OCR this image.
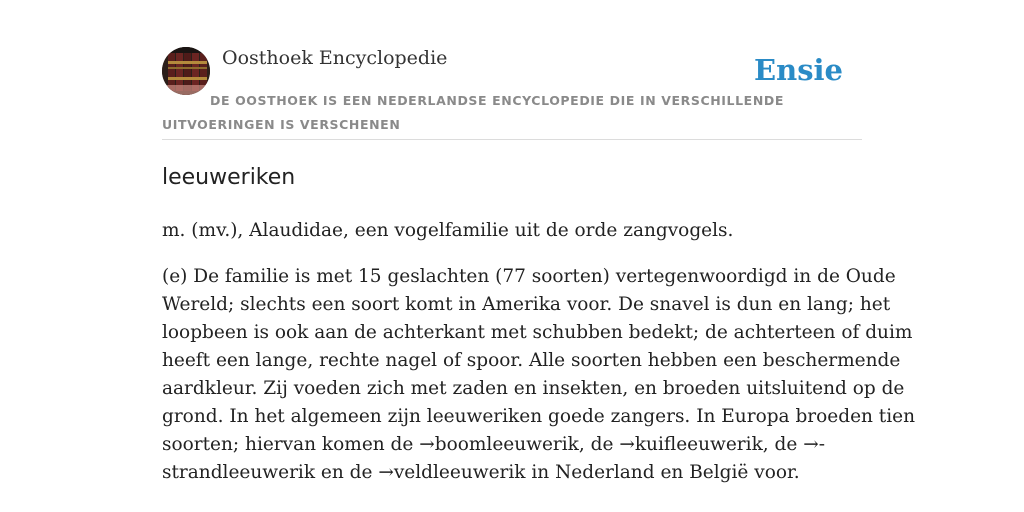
Oosthoek Encyclopedie	Ensie
DE OOSTHOEK IS EEN NEDERLANDSE ENCYCLOPEDIE DIE IN VERSCHILLENDE UITVOERINGEN IS VERSCHENEN
leeuweriken

m. (mv.), Alaudidae, een vogelfamilie uit de orde zangvogels.

(e) De familie is met 15 geslachten (77 soorten) vertegenwoordigd in de Oude
Wereld; slechts een soort komt in Amerika voor. De snavel is dun en lang; het
loopbeen is ook aan de achterkant met schubben bedekt; de achterteen of duim
heeft een lange, rechte nagel of spoor. Alle soorten hebben een beschermende
aardkleur. Zij voeden zich met zaden en insekten, en broeden uitsluitend op de
grond. In het algemeen zijn leeuweriken goede zangers. In Europa broeden tien
soorten; hiervan komen de →boomleeuwerik, de →kuifleeuwerik, de →-
strandleeuwerik en de →veldleeuwerik in Nederland en België voor.
